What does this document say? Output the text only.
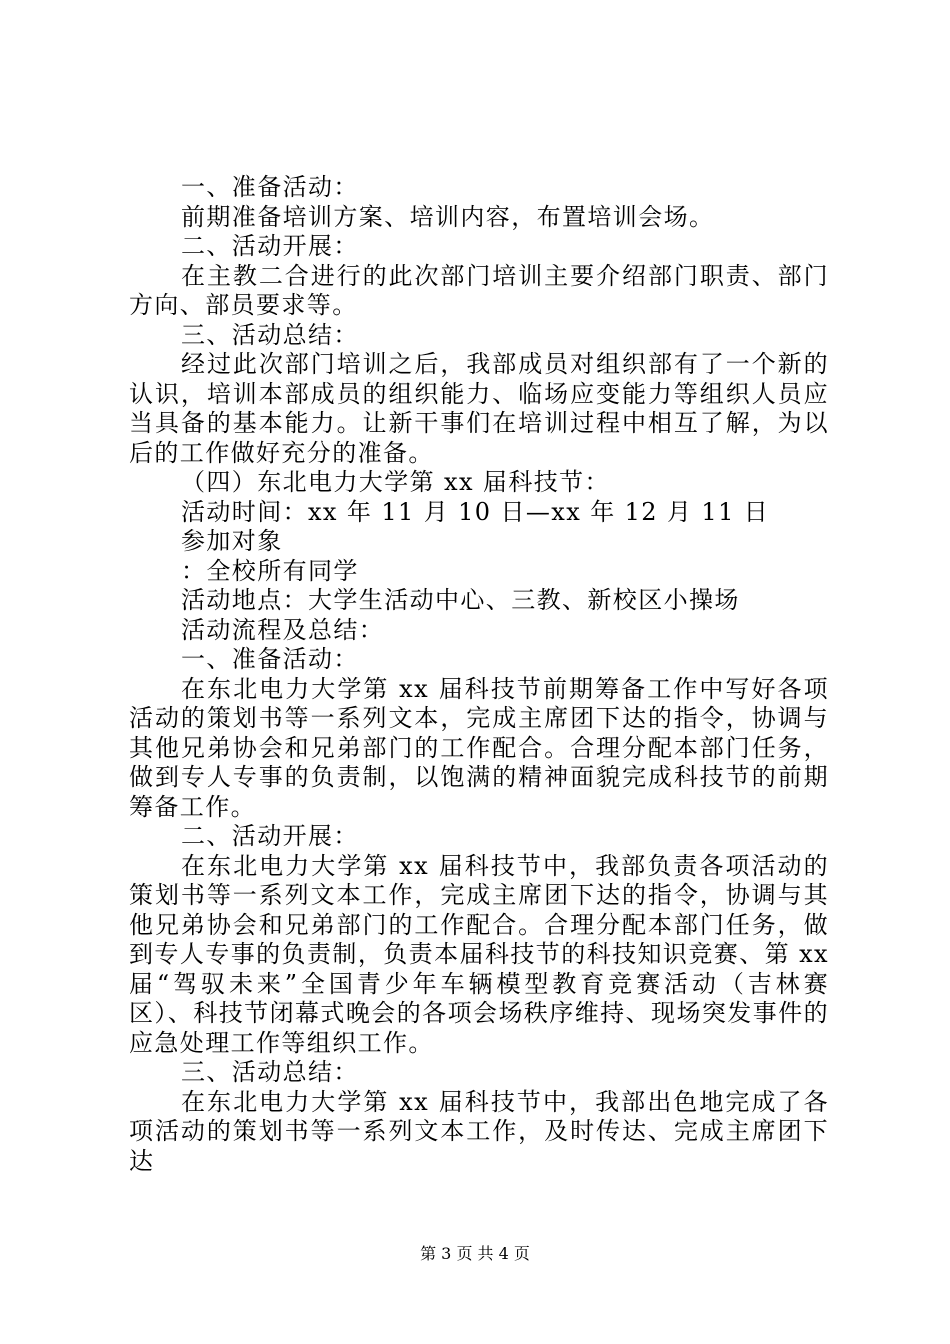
一、准备活动：

前期准备培训方案、培训内容，布置培训会场。

二、活动开展：

在主教二合进行的此次部门培训主要介绍部门职责、部门方向、部员要求等。

三、活动总结：

经过此次部门培训之后，我部成员对组织部有了一个新的认识，培训本部成员的组织能力、临场应变能力等组织人员应当具备的基本能力。让新干事们在培训过程中相互了解，为以后的工作做好充分的准备。

（四）东北电力大学第 xx 届科技节：

活动时间：xx 年 11 月 10 日—xx 年 12 月 11 日

参加对象

：全校所有同学

活动地点：大学生活动中心、三教、新校区小操场

活动流程及总结：

一、准备活动：

在东北电力大学第 xx 届科技节前期筹备工作中写好各项活动的策划书等一系列文本，完成主席团下达的指令，协调与其他兄弟协会和兄弟部门的工作配合。合理分配本部门任务，做到专人专事的负责制，以饱满的精神面貌完成科技节的前期筹备工作。

二、活动开展：

在东北电力大学第 xx 届科技节中，我部负责各项活动的策划书等一系列文本工作，完成主席团下达的指令，协调与其他兄弟协会和兄弟部门的工作配合。合理分配本部门任务，做到专人专事的负责制，负责本届科技节的科技知识竞赛、第 xx 届“驾驭未来”全国青少年车辆模型教育竞赛活动（吉林赛区）、科技节闭幕式晚会的各项会场秩序维持、现场突发事件的应急处理工作等组织工作。

三、活动总结：

在东北电力大学第 xx 届科技节中，我部出色地完成了各项活动的策划书等一系列文本工作，及时传达、完成主席团下达

第 3 页 共 4 页
